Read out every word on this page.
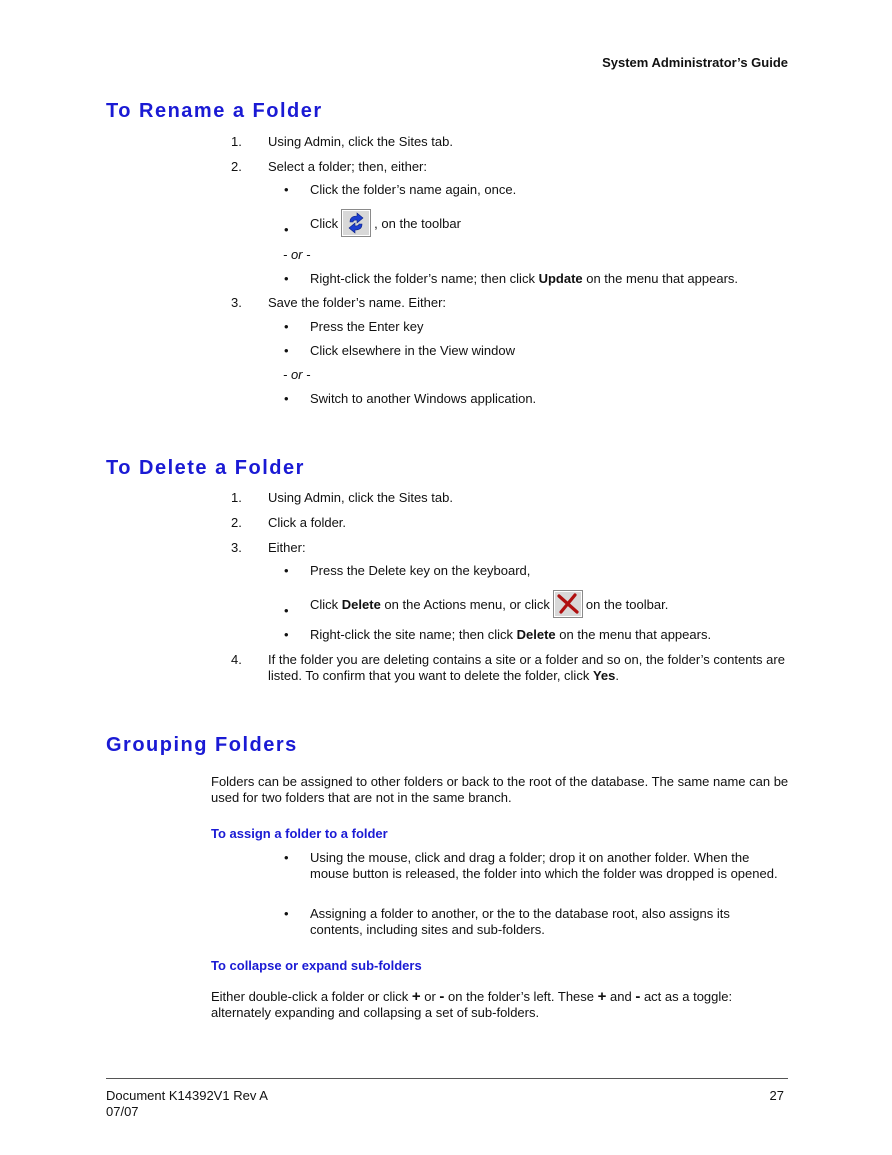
System Administrator’s Guide
To Rename a Folder
1. Using Admin, click the Sites tab.
2. Select a folder; then, either:
• Click the folder’s name again, once.
• Click	, on the toolbar
- or -
• Right-click the folder’s name; then click Update on the menu that appears.
3. Save the folder’s name. Either:
• Press the Enter key
• Click elsewhere in the View window
- or -
• Switch to another Windows application.
To Delete a Folder
1. Using Admin, click the Sites tab.
2. Click a folder.
3. Either:
• Press the Delete key on the keyboard,
• Click Delete on the Actions menu, or click	on the toolbar.
• Right-click the site name; then click Delete on the menu that appears.
4. If the folder you are deleting contains a site or a folder and so on, the folder’s contents are listed. To confirm that you want to delete the folder, click Yes.
Grouping Folders
Folders can be assigned to other folders or back to the root of the database. The same name can be used for two folders that are not in the same branch.
To assign a folder to a folder
• Using the mouse, click and drag a folder; drop it on another folder. When the mouse button is released, the folder into which the folder was dropped is opened.
• Assigning a folder to another, or the to the database root, also assigns its contents, including sites and sub-folders.
To collapse or expand sub-folders
Either double-click a folder or click + or - on the folder’s left. These + and - act as a toggle: alternately expanding and collapsing a set of sub-folders.
Document K14392V1 Rev A
07/07
27
